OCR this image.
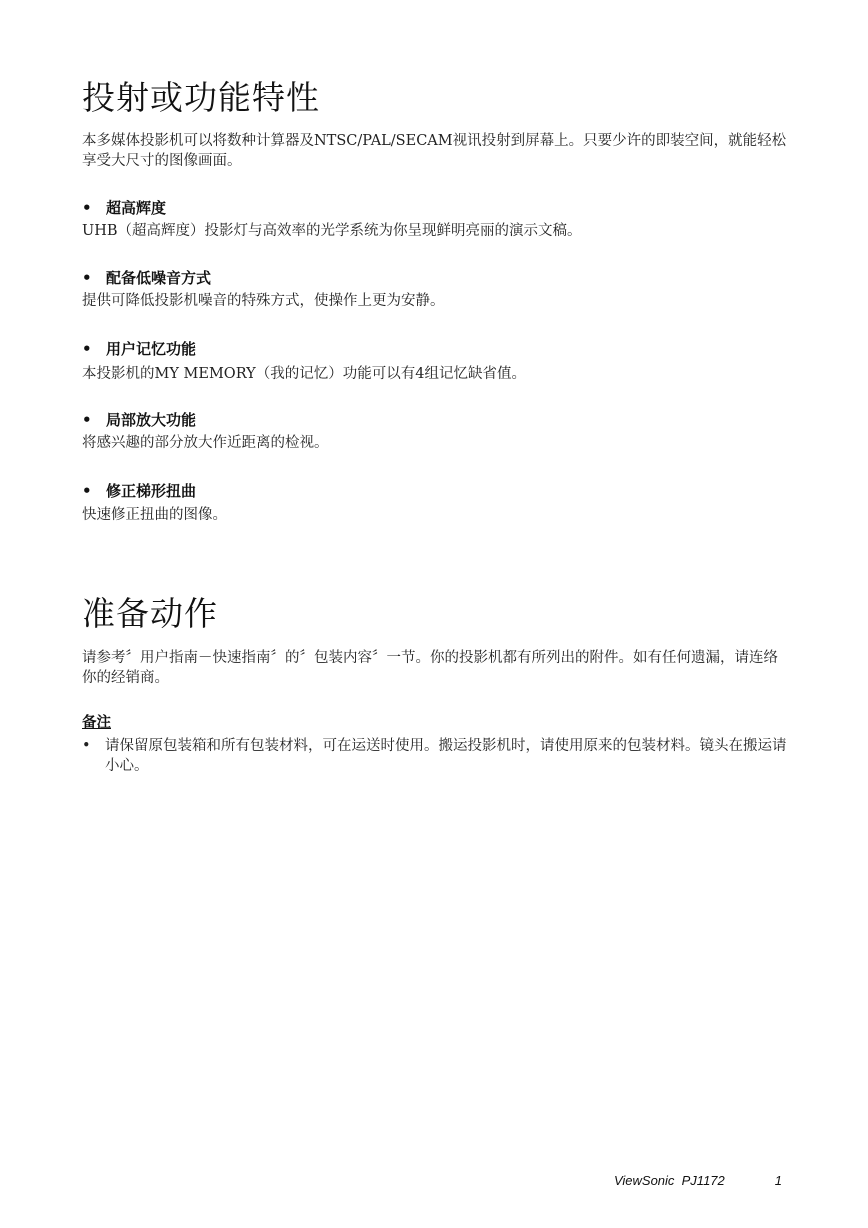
投射或功能特性

本多媒体投影机可以将数种计算器及NTSC/PAL/SECAM视讯投射到屏幕上。只要少许的即装空间，就能轻松享受大尺寸的图像画面。

• 超高辉度

UHB（超高辉度）投影灯与高效率的光学系统为你呈现鲜明亮丽的演示文稿。

• 配备低噪音方式

提供可降低投影机噪音的特殊方式，使操作上更为安静。

• 用户记忆功能

本投影机的MY MEMORY（我的记忆）功能可以有4组记忆缺省值。

• 局部放大功能

将感兴趣的部分放大作近距离的检视。

• 修正梯形扭曲

快速修正扭曲的图像。

准备动作

请参考〞用户指南－快速指南〞的〞包装内容〞一节。你的投影机都有所列出的附件。如有任何遗漏，请连络你的经销商。

备注

• 请保留原包装箱和所有包装材料，可在运送时使用。搬运投影机时，请使用原来的包装材料。镜头在搬运请小心。
ViewSonic  PJ1172	1
